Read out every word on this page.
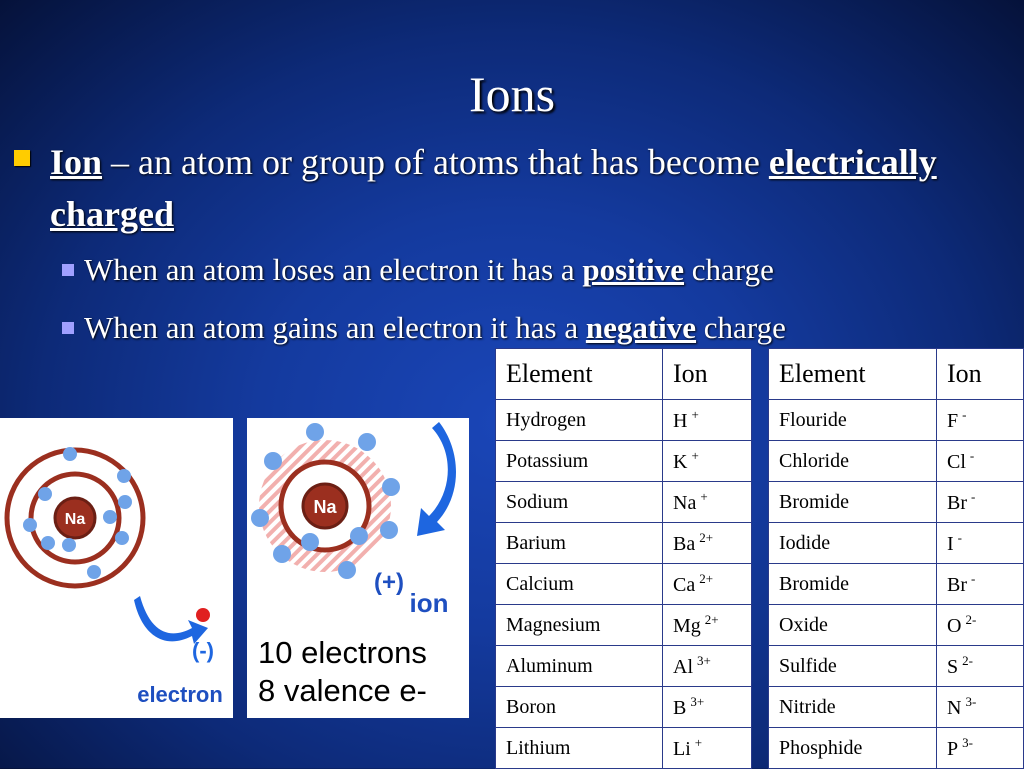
Ions
Ion – an atom or group of atoms that has become electrically charged
When an atom loses an electron it has a positive charge
When an atom gains an electron it has a negative charge
Element	Ion
Hydrogen	H +
Potassium	K +
Sodium	Na +
Barium	Ba $^{2+}$
Calcium	Ca $^{2+}$
Magnesium	Mg $^{2+}$
Aluminum	Al $^{3+}$
Boron	B $^{3+}$
Lithium	Li +
Element	Ion
Flouride	F -
Chloride	Cl -
Bromide	Br -
Iodide	I -
Bromide	Br -
Oxide	O $^{2-}$
Sulfide	S $^{2-}$
Nitride	N $^{3-}$
Phosphide	P $^{3-}$
Na
(-)
electron
Na
(+)
ion
10 electrons
8 valence e-
